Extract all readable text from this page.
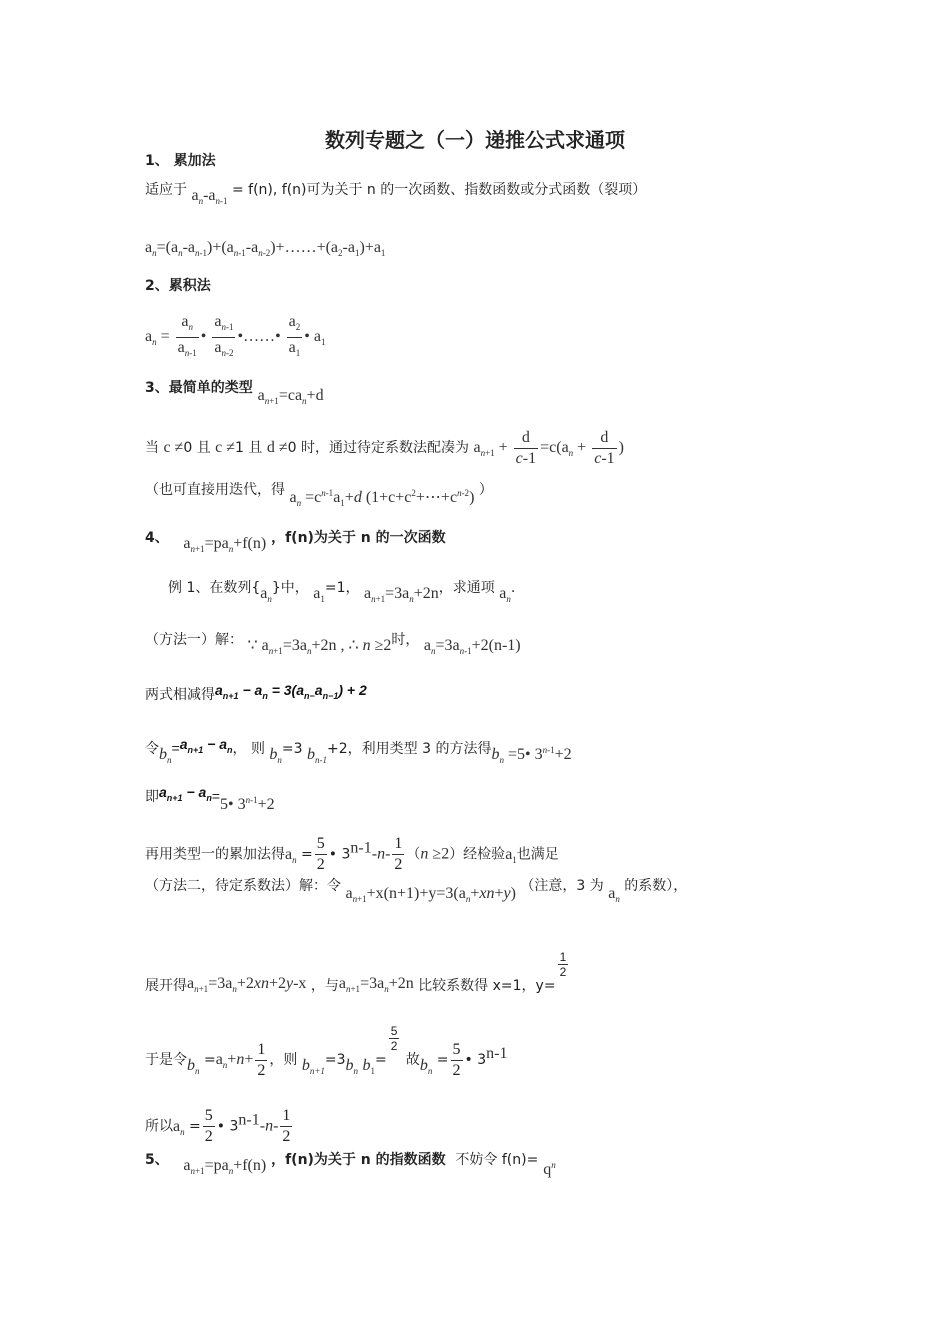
数列专题之（一）递推公式求通项
1、 累加法
适应于 $a_n-a_{n-1} = f(n)$, f(n)可为关于 n 的一次函数、指数函数或分式函数（裂项）
$a_n=(a_n-a_{n-1})+(a_{n-1}-a_{n-2})+\dots\dots+(a_2-a_1)+a_1$
2、累积法
$a_n = \frac{a_n}{a_{n-1}}$ • $\frac{a_{n-1}}{a_{n-2}}$ •……• $\frac{a_2}{a_1}$ • $a_1$
3、最简单的类型 $a_{n+1}=ca_n+d$
当 c ≠0 且 c ≠1 且 d ≠0 时，通过待定系数法配凑为 $a_{n+1} + \frac{d}{c-1} =c(a_n + \frac{d}{c-1}$ )
（也可直接用迭代，得 $a_n =c^{n-1}a_1+d$ $(1+c+c^2+\cdots+c^{n-2})$ ）
4、 $a_{n+1}=pa_n+f(n)$ ，f(n)为关于 n 的一次函数
例 1、在数列$\{a_n\}$中， $a_1=1$， $a_{n+1}=3a_n+2n$，求通项 $a_n$.
（方法一）解： ∵ $a_{n+1}=3a_n+2n$ , ∴ n ≥2时， $a_n=3a_{n-1}+2(n-1)$
两式相减得$a_{n+1} - a_n = 3(a_{n-}a_{n-1}) + 2$
令$b_n=a_{n+1} - a_n$， 则 $b_n=3$ $b_{n-1}+2$，利用类型 3 的方法得$b_n$ =5• $3^{n-1}+2$
即$a_{n+1}$ − $a_n=5•$ $3^{n-1}+2$
再用类型一的累加法得$a_n = \frac{5}{2}$ • $3^{n-1}-n- \frac{1}{2} (n \ge 2)$经检验$a_1$也满足
（方法二，待定系数法）解：令 $a_{n+1}+x(n+1)+y=3(a_n+xn+y)$ （注意，3 为 $a_n$ 的系数），
展开得$a_{n+1}=3a_n+2xn+2y-x$ ，与$a_{n+1}=3a_n+2n$ 比较系数得 x=1，y=
$\frac{1}{2}$
于是令$b_n =a_n+n+ \frac{1}{2}$ ，则 $b_{n+1}=3b_n$ $b_1=$
$\frac{5}{2}$
故$b_n = \frac{5}{2}$ • 3$^{n-1}$
所以$a_n = \frac{5}{2}$ • $3^{n-1}-n- \frac{1}{2}$
5、 $a_{n+1}=pa_n+f(n)$ ，f(n)为关于 n 的指数函数 不妨令 $f(n)= q^n$
